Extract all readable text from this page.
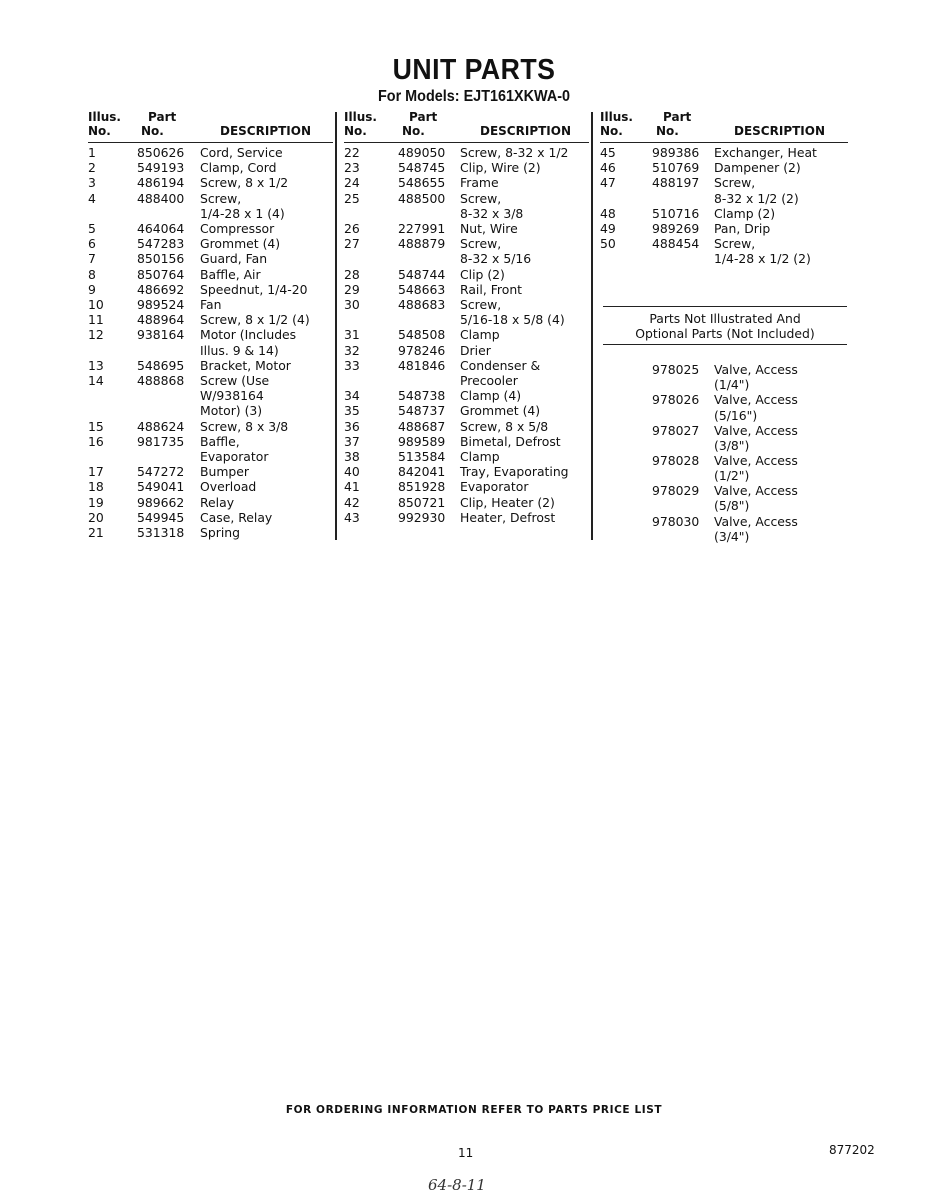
UNIT PARTS
For Models: EJT161XKWA-0
Illus.
No.
Part
No.	DESCRIPTION
1	850626 Cord, Service
2	549193 Clamp, Cord
3	486194 Screw, 8 x 1/2
4	488400 Screw,
1/4-28 x 1 (4)
5	464064 Compressor
6	547283 Grommet (4)
7	850156 Guard, Fan
8	850764 Baffle, Air
9	486692 Speednut, 1/4-20
10	989524 Fan
11	488964 Screw, 8 x 1/2 (4)
12	938164 Motor (Includes
Illus. 9 & 14)
13	548695 Bracket, Motor
14	488868 Screw (Use
W/938164
Motor) (3)
15	488624 Screw, 8 x 3/8
16	981735 Baffle,
Evaporator
17	547272 Bumper
18	549041 Overload
19	989662 Relay
20	549945 Case, Relay
21	531318 Spring
Illus.
No.
Part
No.	DESCRIPTION
22	489050 Screw, 8-32 x 1/2
23	548745 Clip, Wire (2)
24	548655 Frame
25	488500 Screw,
8-32 x 3/8
26	227991 Nut, Wire
27	488879 Screw,
8-32 x 5/16
28	548744 Clip (2)
29	548663 Rail, Front
30	488683 Screw,
5/16-18 x 5/8 (4)
31	548508 Clamp
32	978246 Drier
33	481846 Condenser &
Precooler
34	548738 Clamp (4)
35	548737 Grommet (4)
36	488687 Screw, 8 x 5/8
37	989589 Bimetal, Defrost
38	513584 Clamp
40	842041 Tray, Evaporating
41	851928 Evaporator
42	850721 Clip, Heater (2)
43	992930 Heater, Defrost
Illus.
No.
Part
No.	DESCRIPTION
45	989386 Exchanger, Heat
46	510769 Dampener (2)
47	488197 Screw,
8-32 x 1/2 (2)
48	510716 Clamp (2)
49	989269 Pan, Drip
50	488454 Screw,
1/4-28 x 1/2 (2)
Parts Not Illustrated And
Optional Parts (Not Included)
978025 Valve, Access
(1/4")
978026 Valve, Access
(5/16")
978027 Valve, Access
(3/8")
978028 Valve, Access
(1/2")
978029 Valve, Access
(5/8")
978030 Valve, Access
(3/4")
FOR ORDERING INFORMATION REFER TO PARTS PRICE LIST
11	877202
64-8-11
